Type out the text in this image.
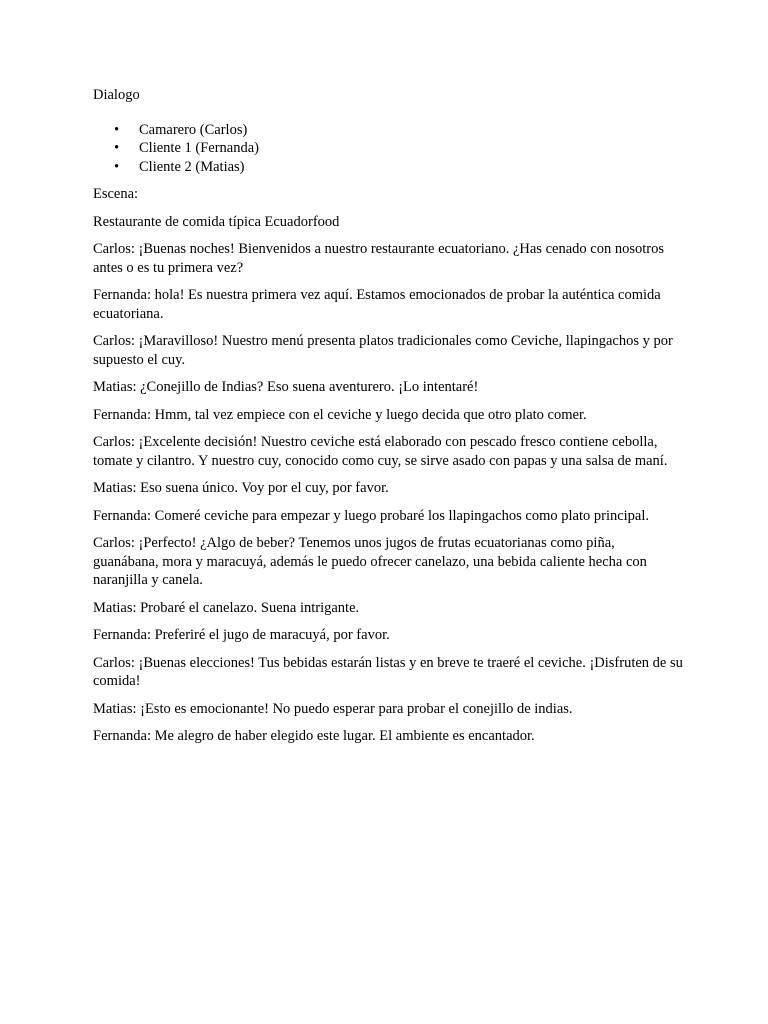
Dialogo
• Camarero (Carlos)
• Cliente 1 (Fernanda)
• Cliente 2 (Matias)

Escena:

Restaurante de comida típica Ecuadorfood

Carlos: ¡Buenas noches! Bienvenidos a nuestro restaurante ecuatoriano. ¿Has cenado con nosotros antes o es tu primera vez?

Fernanda: hola! Es nuestra primera vez aquí. Estamos emocionados de probar la auténtica comida ecuatoriana.

Carlos: ¡Maravilloso! Nuestro menú presenta platos tradicionales como Ceviche, llapingachos y por supuesto el cuy.

Matias: ¿Conejillo de Indias? Eso suena aventurero. ¡Lo intentaré!

Fernanda: Hmm, tal vez empiece con el ceviche y luego decida que otro plato comer.

Carlos: ¡Excelente decisión! Nuestro ceviche está elaborado con pescado fresco contiene cebolla, tomate y cilantro. Y nuestro cuy, conocido como cuy, se sirve asado con papas y una salsa de maní.

Matias: Eso suena único. Voy por el cuy, por favor.

Fernanda: Comeré ceviche para empezar y luego probaré los llapingachos como plato principal.

Carlos: ¡Perfecto! ¿Algo de beber? Tenemos unos jugos de frutas ecuatorianas como piña, guanábana, mora y maracuyá, además le puedo ofrecer canelazo, una bebida caliente hecha con naranjilla y canela.

Matias: Probaré el canelazo. Suena intrigante.

Fernanda: Preferiré el jugo de maracuyá, por favor.

Carlos: ¡Buenas elecciones! Tus bebidas estarán listas y en breve te traeré el ceviche. ¡Disfruten de su comida!

Matias: ¡Esto es emocionante! No puedo esperar para probar el conejillo de indias.

Fernanda: Me alegro de haber elegido este lugar. El ambiente es encantador.
